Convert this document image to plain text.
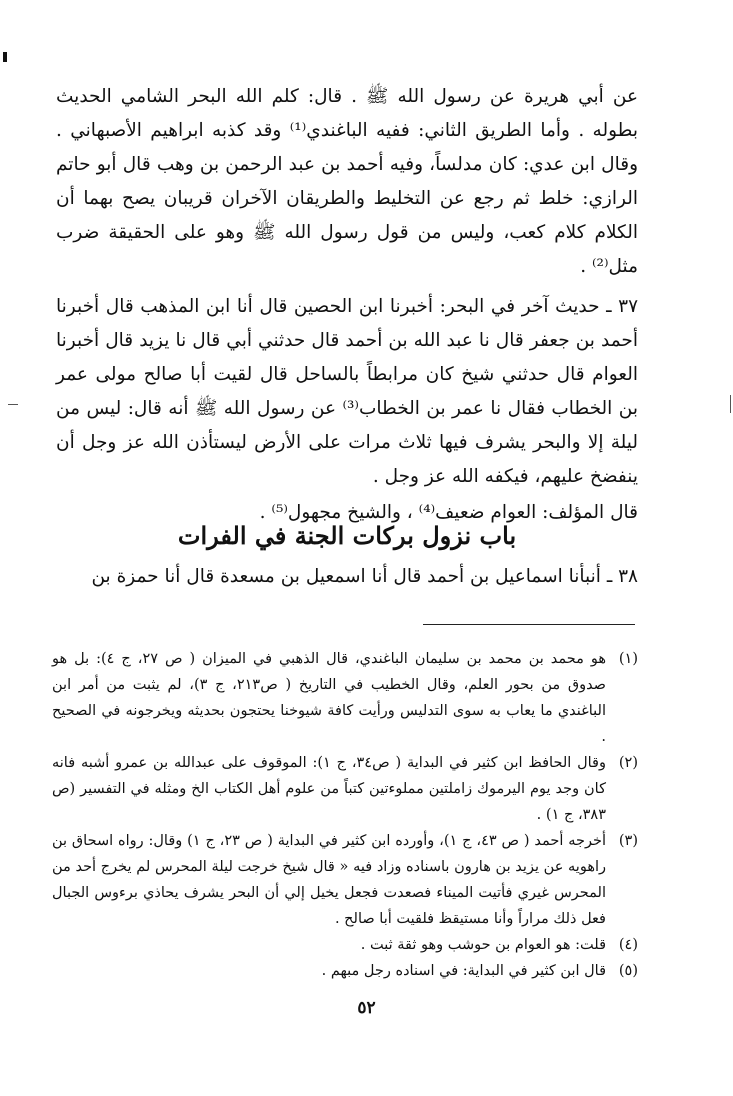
عن أبي هريرة عن رسول الله ﷺ . قال: كلم الله البحر الشامي الحديث بطوله . وأما الطريق الثاني: ففيه الباغندي⁽¹⁾ وقد كذبه ابراهيم الأصبهاني . وقال ابن عدي: كان مدلساً، وفيه أحمد بن عبد الرحمن بن وهب قال أبو حاتم الرازي: خلط ثم رجع عن التخليط والطريقان الآخران قريبان يصح بهما أن الكلام كلام كعب، وليس من قول رسول الله ﷺ وهو على الحقيقة ضرب مثل⁽²⁾ .

٣٧ ـ حديث آخر في البحر: أخبرنا ابن الحصين قال أنا ابن المذهب قال أخبرنا أحمد بن جعفر قال نا عبد الله بن أحمد قال حدثني أبي قال نا يزيد قال أخبرنا العوام قال حدثني شيخ كان مرابطاً بالساحل قال لقيت أبا صالح مولى عمر بن الخطاب فقال نا عمر بن الخطاب⁽³⁾ عن رسول الله ﷺ أنه قال: ليس من ليلة إلا والبحر يشرف فيها ثلاث مرات على الأرض ليستأذن الله عز وجل أن ينفضخ عليهم، فيكفه الله عز وجل .

قال المؤلف: العوام ضعيف⁽⁴⁾ ، والشيخ مجهول⁽⁵⁾ .

باب نزول بركات الجنة في الفرات

٣٨ ـ أنبأنا اسماعيل بن أحمد قال أنا اسمعيل بن مسعدة قال أنا حمزة بن

(١)
هو محمد بن محمد بن سليمان الباغندي، قال الذهبي في الميزان ( ص ٢٧، ج ٤): بل هو صدوق من بحور العلم، وقال الخطيب في التاريخ ( ص٢١٣، ج ٣)، لم يثبت من أمر ابن الباغندي ما يعاب به سوى التدليس ورأيت كافة شيوخنا يحتجون بحديثه ويخرجونه في الصحيح .
(٢)
وقال الحافظ ابن كثير في البداية ( ص٣٤، ج ١): الموقوف على عبدالله بن عمرو أشبه فانه كان وجد يوم اليرموك زاملتين مملوءتين كتباً من علوم أهل الكتاب الخ ومثله في التفسير (ص ٣٨٣، ج ١) .
(٣)
أخرجه أحمد ( ص ٤٣، ج ١)، وأورده ابن كثير في البداية ( ص ٢٣، ج ١) وقال: رواه اسحاق بن راهويه عن يزيد بن هارون باسناده وزاد فيه « قال شيخ خرجت ليلة المحرس لم يخرج أحد من المحرس غيري فأتيت الميناء فصعدت فجعل يخيل إلي أن البحر يشرف يحاذي برءوس الجبال فعل ذلك مراراً وأنا مستيقظ فلقيت أبا صالح .
(٤)
قلت: هو العوام بن حوشب وهو ثقة ثبت .
(٥)
قال ابن كثير في البداية: في اسناده رجل مبهم .
٥٢
